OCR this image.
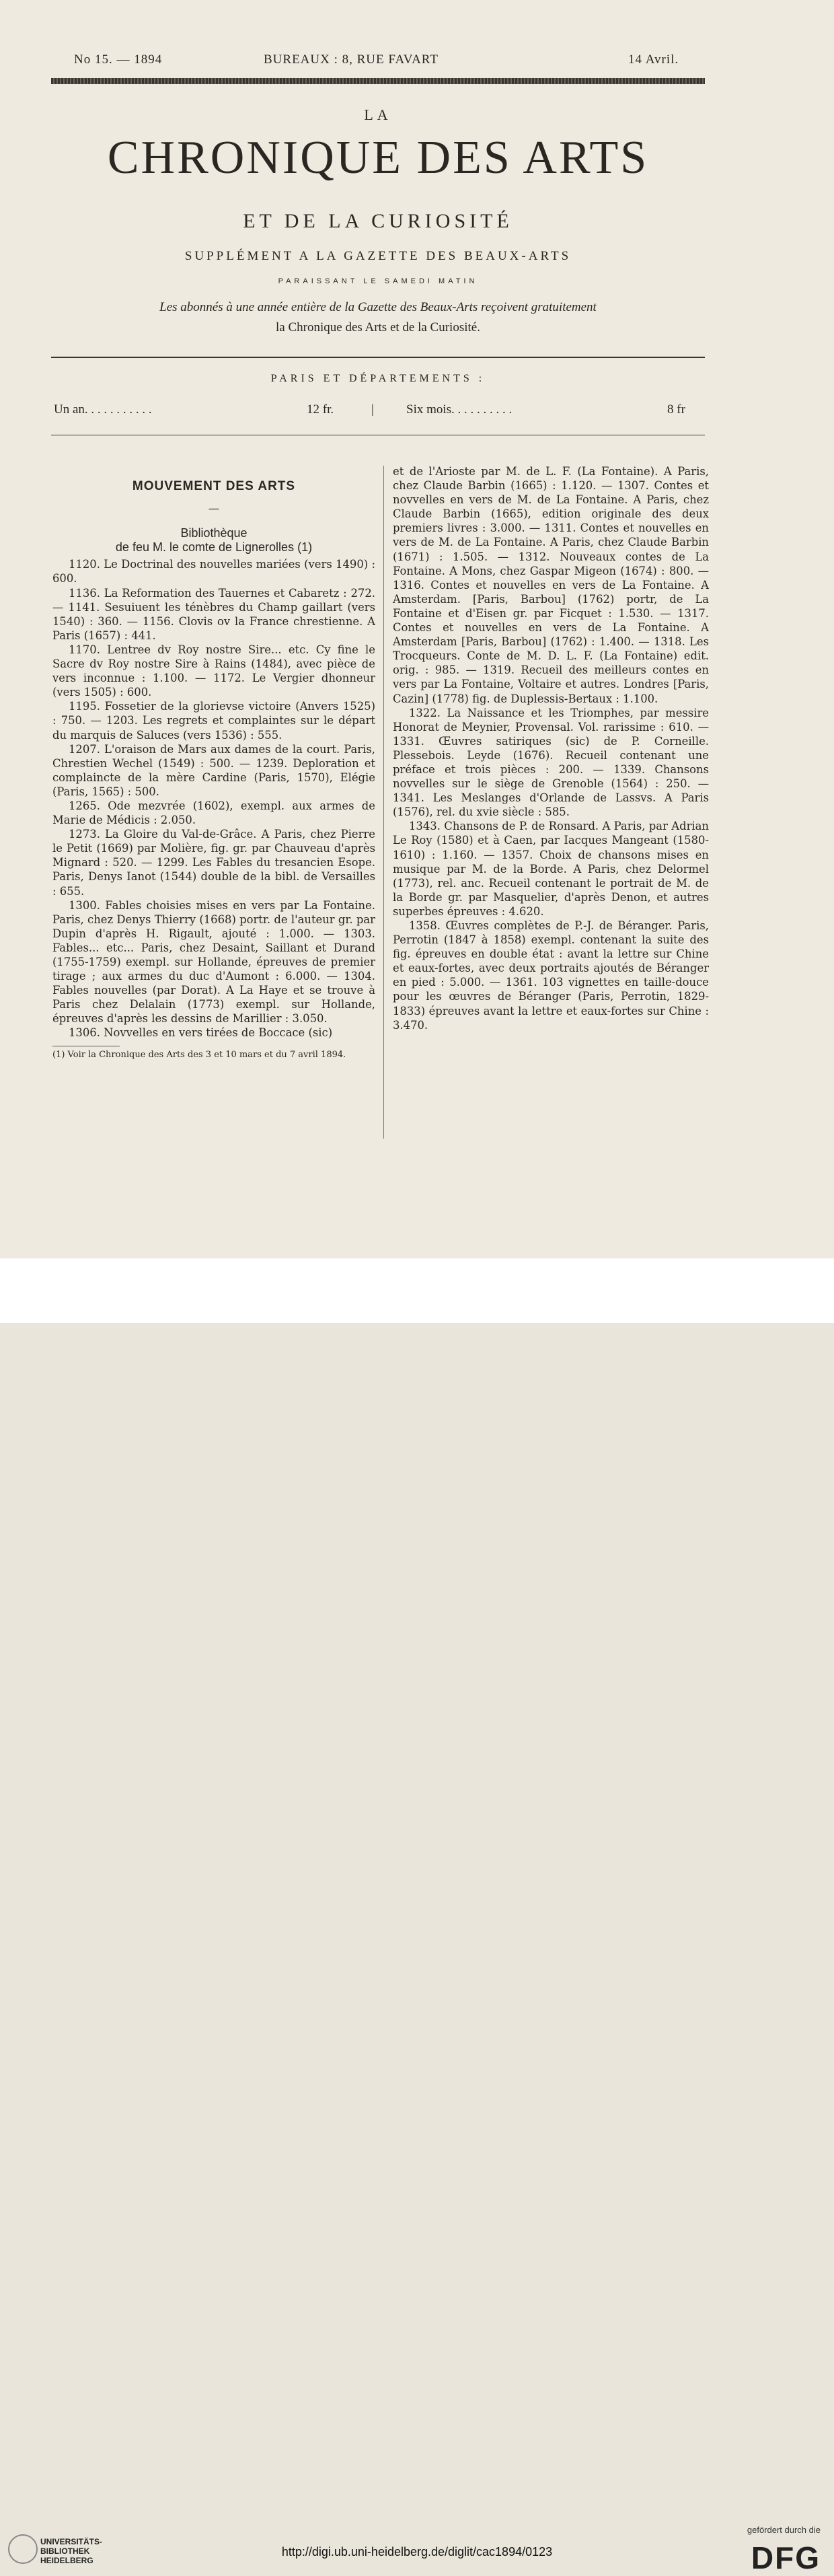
No 15. — 1894	BUREAUX : 8, RUE FAVART	14 Avril.
LA
CHRONIQUE DES ARTS
ET DE LA CURIOSITÉ
SUPPLÉMENT A LA GAZETTE DES BEAUX-ARTS
PARAISSANT LE SAMEDI MATIN
Les abonnés à une année entière de la Gazette des Beaux-Arts reçoivent gratuitement
la Chronique des Arts et de la Curiosité.
PARIS ET DÉPARTEMENTS :
Un an. . . . . . . . . . .	12 fr.	|	Six mois. . . . . . . . . .	8 fr
MOUVEMENT DES ARTS
—
Bibliothèque
de feu M. le comte de Lignerolles (1)

1120. Le Doctrinal des nouvelles mariées (vers 1490) : 600.

1136. La Reformation des Tauernes et Cabaretz : 272. — 1141. Sesuiuent les ténèbres du Champ gaillart (vers 1540) : 360. — 1156. Clovis ov la France chrestienne. A Paris (1657) : 441.

1170. Lentree dv Roy nostre Sire... etc. Cy fine le Sacre dv Roy nostre Sire à Rains (1484), avec pièce de vers inconnue : 1.100. — 1172. Le Vergier dhonneur (vers 1505) : 600.

1195. Fossetier de la glorievse victoire (Anvers 1525) : 750. — 1203. Les regrets et complaintes sur le départ du marquis de Saluces (vers 1536) : 555.

1207. L'oraison de Mars aux dames de la court. Paris, Chrestien Wechel (1549) : 500. — 1239. Deploration et complaincte de la mère Cardine (Paris, 1570), Elégie (Paris, 1565) : 500.

1265. Ode mezvrée (1602), exempl. aux armes de Marie de Médicis : 2.050.

1273. La Gloire du Val-de-Grâce. A Paris, chez Pierre le Petit (1669) par Molière, fig. gr. par Chauveau d'après Mignard : 520. — 1299. Les Fables du tresancien Esope. Paris, Denys Ianot (1544) double de la bibl. de Versailles : 655.

1300. Fables choisies mises en vers par La Fontaine. Paris, chez Denys Thierry (1668) portr. de l'auteur gr. par Dupin d'après H. Rigault, ajouté : 1.000. — 1303. Fables... etc... Paris, chez Desaint, Saillant et Durand (1755-1759) exempl. sur Hollande, épreuves de premier tirage ; aux armes du duc d'Aumont : 6.000. — 1304. Fables nouvelles (par Dorat). A La Haye et se trouve à Paris chez Delalain (1773) exempl. sur Hollande, épreuves d'après les dessins de Marillier : 3.050.

1306. Novvelles en vers tirées de Boccace (sic)

(1) Voir la Chronique des Arts des 3 et 10 mars et du 7 avril 1894.

et de l'Arioste par M. de L. F. (La Fontaine). A Paris, chez Claude Barbin (1665) : 1.120. — 1307. Contes et novvelles en vers de M. de La Fontaine. A Paris, chez Claude Barbin (1665), edition originale des deux premiers livres : 3.000. — 1311. Contes et nouvelles en vers de M. de La Fontaine. A Paris, chez Claude Barbin (1671) : 1.505. — 1312. Nouveaux contes de La Fontaine. A Mons, chez Gaspar Migeon (1674) : 800. — 1316. Contes et nouvelles en vers de La Fontaine. A Amsterdam. [Paris, Barbou] (1762) portr, de La Fontaine et d'Eisen gr. par Ficquet : 1.530. — 1317. Contes et nouvelles en vers de La Fontaine. A Amsterdam [Paris, Barbou] (1762) : 1.400. — 1318. Les Trocqueurs. Conte de M. D. L. F. (La Fontaine) edit. orig. : 985. — 1319. Recueil des meilleurs contes en vers par La Fontaine, Voltaire et autres. Londres [Paris, Cazin] (1778) fig. de Duplessis-Bertaux : 1.100.

1322. La Naissance et les Triomphes, par messire Honorat de Meynier, Provensal. Vol. rarissime : 610. — 1331. Œuvres satiriques (sic) de P. Corneille. Plessebois. Leyde (1676). Recueil contenant une préface et trois pièces : 200. — 1339. Chansons novvelles sur le siège de Grenoble (1564) : 250. — 1341. Les Meslanges d'Orlande de Lassvs. A Paris (1576), rel. du xvie siècle : 585.

1343. Chansons de P. de Ronsard. A Paris, par Adrian Le Roy (1580) et à Caen, par Iacques Mangeant (1580-1610) : 1.160. — 1357. Choix de chansons mises en musique par M. de la Borde. A Paris, chez Delormel (1773), rel. anc. Recueil contenant le portrait de M. de la Borde gr. par Masquelier, d'après Denon, et autres superbes épreuves : 4.620.

1358. Œuvres complètes de P.-J. de Béranger. Paris, Perrotin (1847 à 1858) exempl. contenant la suite des fig. épreuves en double état : avant la lettre sur Chine et eaux-fortes, avec deux portraits ajoutés de Béranger en pied : 5.000. — 1361. 103 vignettes en taille-douce pour les œuvres de Béranger (Paris, Perrotin, 1829-1833) épreuves avant la lettre et eaux-fortes sur Chine : 3.470.

UNIVERSITÄTS-
BIBLIOTHEK
HEIDELBERG
http://digi.ub.uni-heidelberg.de/diglit/cac1894/0123
gefördert durch die
DFG
